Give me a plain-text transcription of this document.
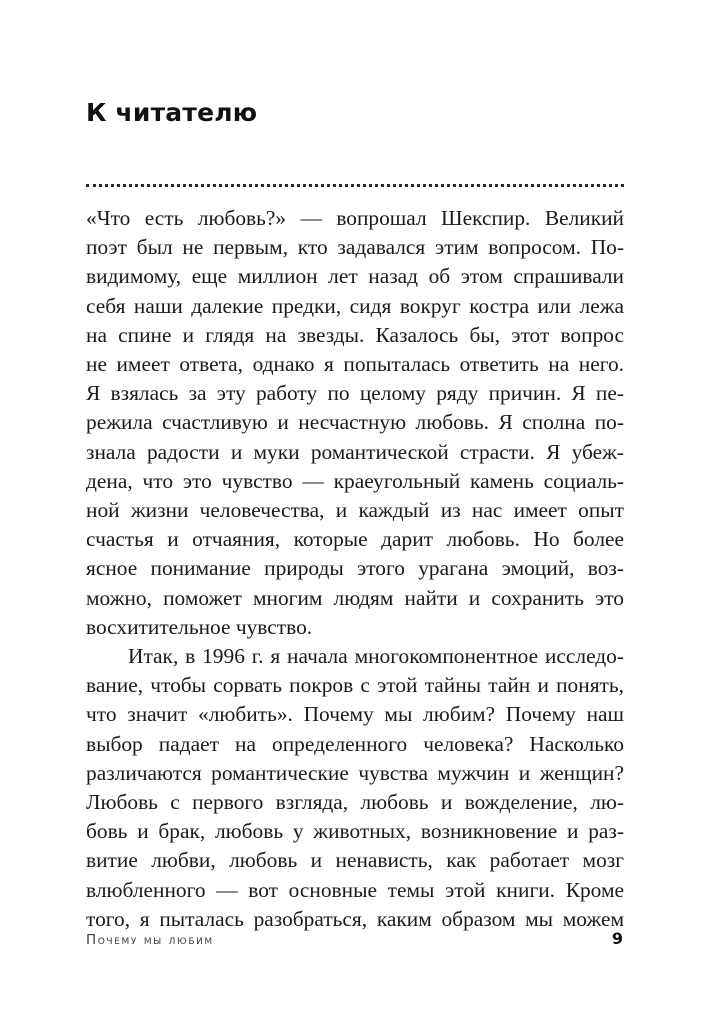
К читателю
«Что есть любовь?» — вопрошал Шекспир. Великий
поэт был не первым, кто задавался этим вопросом. По-
видимому, еще миллион лет назад об этом спрашивали
себя наши далекие предки, сидя вокруг костра или лежа
на спине и глядя на звезды. Казалось бы, этот вопрос
не имеет ответа, однако я попыталась ответить на него.
Я взялась за эту работу по целому ряду причин. Я пе-
режила счастливую и несчастную любовь. Я сполна по-
знала радости и муки романтической страсти. Я убеж-
дена, что это чувство — краеугольный камень социаль-
ной жизни человечества, и каждый из нас имеет опыт
счастья и отчаяния, которые дарит любовь. Но более
ясное понимание природы этого урагана эмоций, воз-
можно, поможет многим людям найти и сохранить это
восхитительное чувство.
Итак, в 1996 г. я начала многокомпонентное исследо-
вание, чтобы сорвать покров с этой тайны тайн и понять,
что значит «любить». Почему мы любим? Почему наш
выбор падает на определенного человека? Насколько
различаются романтические чувства мужчин и женщин?
Любовь с первого взгляда, любовь и вожделение, лю-
бовь и брак, любовь у животных, возникновение и раз-
витие любви, любовь и ненависть, как работает мозг
влюбленного — вот основные темы этой книги. Кроме
того, я пыталась разобраться, каким образом мы можем
Почему мы любим	9
